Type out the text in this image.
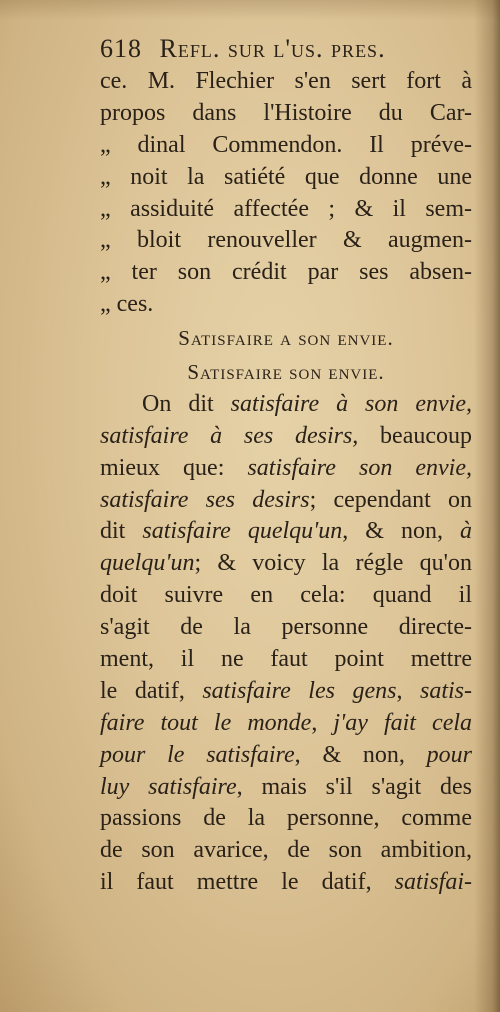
618 Refl. sur l'us. pres.
ce. M. Flechier s'en sert fort à
propos dans l'Histoire du Car-
„ dinal Commendon. Il préve-
„ noit la satiété que donne une
„ assiduité affectée ; & il sem-
„ bloit renouveller & augmen-
„ ter son crédit par ses absen-
„ ces.
Satisfaire a son envie.
Satisfaire son envie.
On dit satisfaire à son envie,
satisfaire à ses desirs, beaucoup
mieux que: satisfaire son envie,
satisfaire ses desirs; cependant on
dit satisfaire quelqu'un, & non, à
quelqu'un; & voicy la régle qu'on
doit suivre en cela: quand il
s'agit de la personne directe-
ment, il ne faut point mettre
le datif, satisfaire les gens, satis-
faire tout le monde, j'ay fait cela
pour le satisfaire, & non, pour
luy satisfaire, mais s'il s'agit des
passions de la personne, comme
de son avarice, de son ambition,
il faut mettre le datif, satisfai-
